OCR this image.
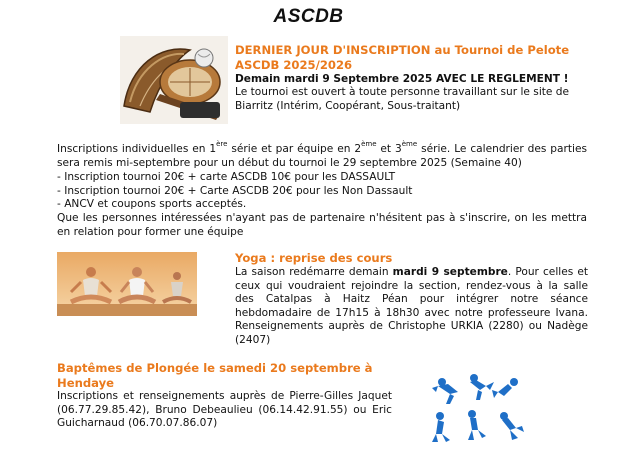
ASCDB
DERNIER JOUR D'INSCRIPTION au Tournoi de Pelote ASCDB 2025/2026
Demain mardi 9 Septembre 2025 AVEC LE REGLEMENT !
Le tournoi est ouvert à toute personne travaillant sur le site de Biarritz (Intérim, Coopérant, Sous-traitant)
Inscriptions individuelles en 1ère série et par équipe en 2ème et 3ème série. Le calendrier des parties sera remis mi-septembre pour un début du tournoi le 29 septembre 2025 (Semaine 40)
- Inscription tournoi 20€ + carte ASCDB 10€ pour les DASSAULT
- Inscription tournoi 20€ + Carte ASCDB 20€ pour les Non Dassault
- ANCV et coupons sports acceptés.
Que les personnes intéressées n'ayant pas de partenaire n'hésitent pas à s'inscrire, on les mettra en relation pour former une équipe
Yoga : reprise des cours
La saison redémarre demain mardi 9 septembre. Pour celles et ceux qui voudraient rejoindre la section, rendez-vous à la salle des Catalpas à Haitz Péan pour intégrer notre séance hebdomadaire de 17h15 à 18h30 avec notre professeure Ivana. Renseignements auprès de Christophe URKIA (2280) ou Nadège (2407)
Baptêmes de Plongée le samedi 20 septembre à Hendaye
Inscriptions et renseignements auprès de Pierre-Gilles Jaquet (06.77.29.85.42), Bruno Debeaulieu (06.14.42.91.55) ou Eric Guicharnaud (06.70.07.86.07)
